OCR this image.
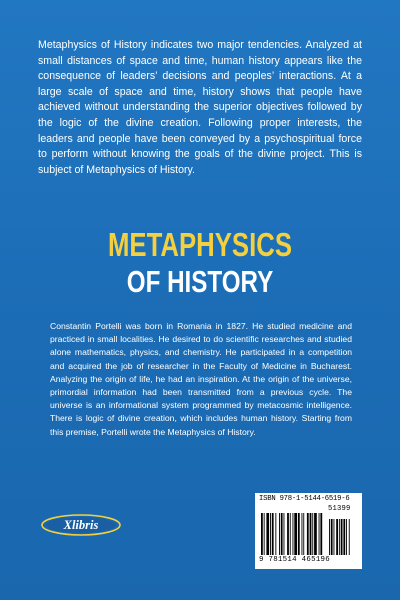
Metaphysics of History indicates two major tendencies. Analyzed at small distances of space and time, human history appears like the consequence of leaders’ decisions and peoples’ interactions. At a large scale of space and time, history shows that people have achieved without understanding the superior objectives followed by the logic of the divine creation. Following proper interests, the leaders and people have been conveyed by a psychospiritual force to perform without knowing the goals of the divine project. This is subject of Metaphysics of History.
METAPHYSICS
OF HISTORY
Constantin Portelli was born in Romania in 1827. He studied medicine and practiced in small localities. He desired to do scientific researches and studied alone mathematics, physics, and chemistry. He participated in a competition and acquired the job of researcher in the Faculty of Medicine in Bucharest. Analyzing the origin of life, he had an inspiration. At the origin of the universe, primordial information had been transmitted from a previous cycle. The universe is an informational system programmed by metacosmic intelligence. There is logic of divine creation, which includes human history. Starting from this premise, Portelli wrote the Metaphysics of History.
Xlibris
ISBN 978-1-5144-6519-6
51399
9 781514 465196
